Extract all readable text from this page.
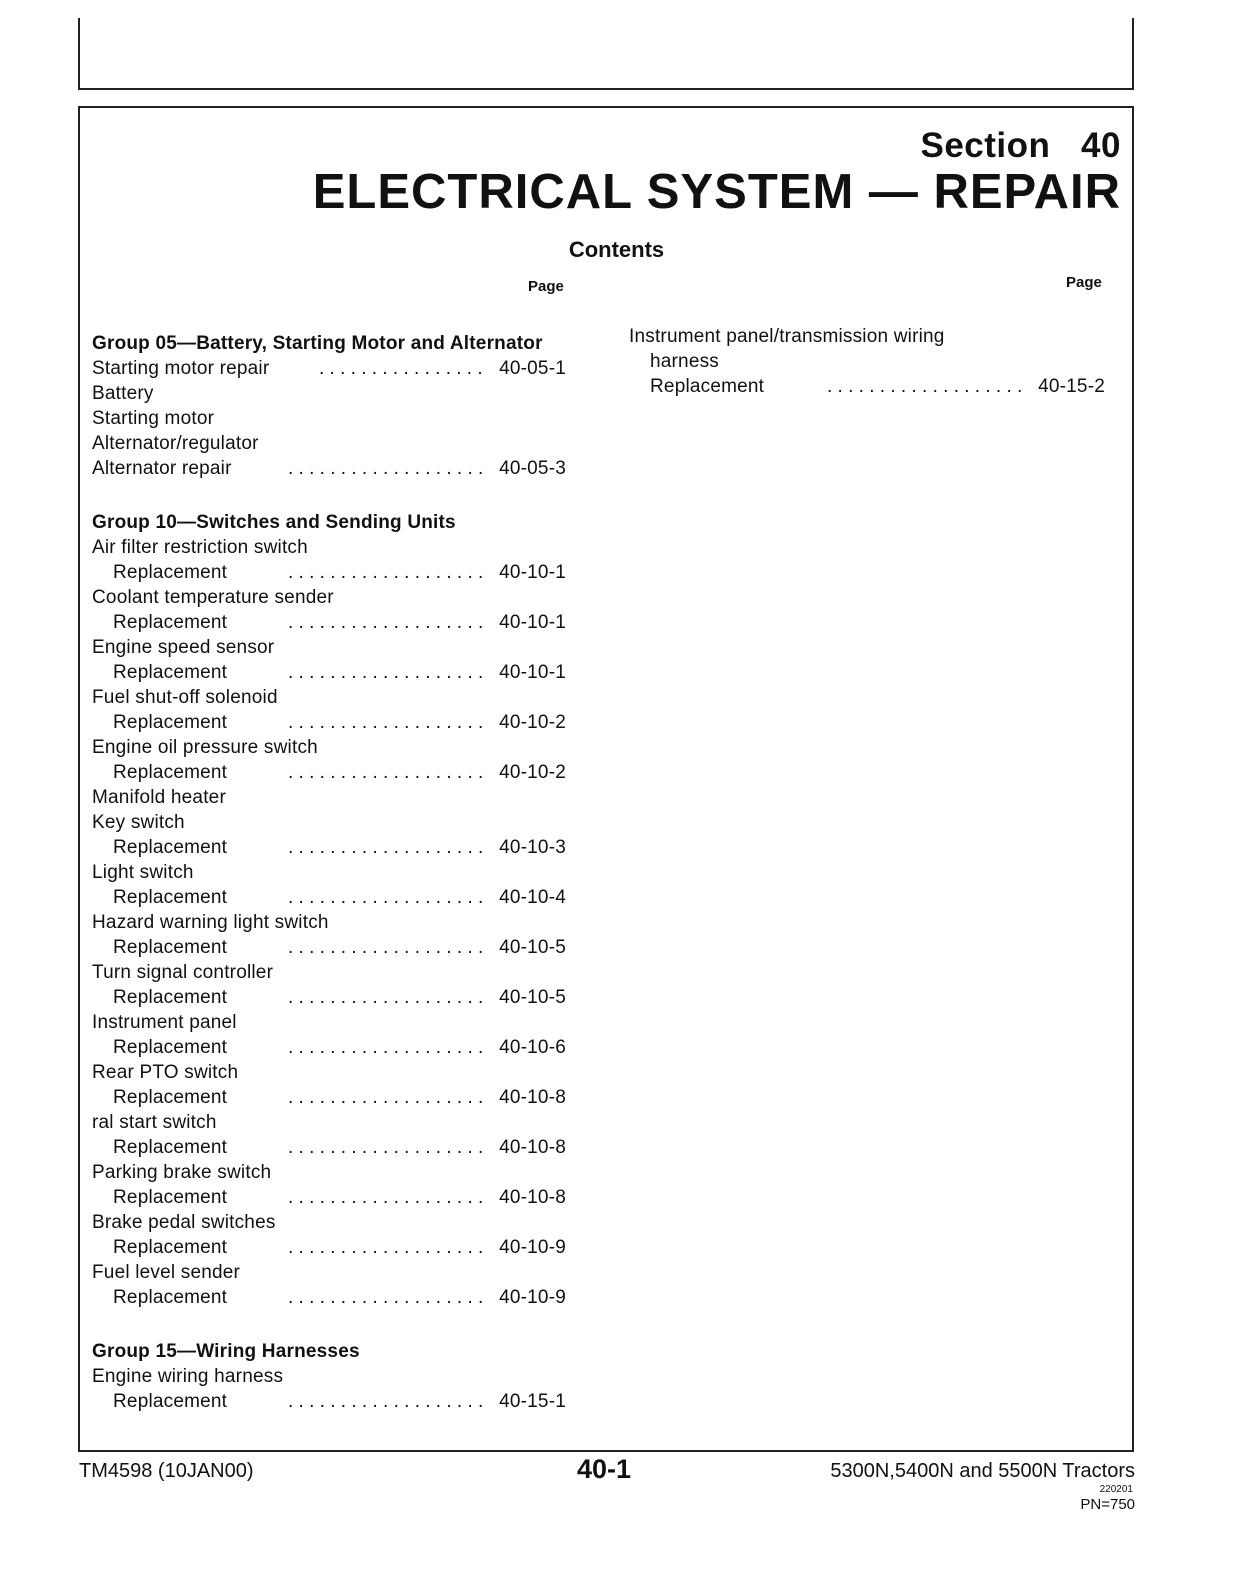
Section   40
ELECTRICAL SYSTEM — REPAIR
Contents
Page	Page
Group 05—Battery, Starting Motor and Alternator
Starting motor repair	. . . . . . . . . . . . . . . . 40-05-1
Battery
Starting motor
Alternator/regulator
Alternator repair	. . . . . . . . . . . . . . . . . . . 40-05-3
Group 10—Switches and Sending Units
Air filter restriction switch
Replacement	. . . . . . . . . . . . . . . . . . . 40-10-1
Coolant temperature sender
Replacement	. . . . . . . . . . . . . . . . . . . 40-10-1
Engine speed sensor
Replacement	. . . . . . . . . . . . . . . . . . . 40-10-1
Fuel shut-off solenoid
Replacement	. . . . . . . . . . . . . . . . . . . 40-10-2
Engine oil pressure switch
Replacement	. . . . . . . . . . . . . . . . . . . 40-10-2
Manifold heater
Key switch
Replacement	. . . . . . . . . . . . . . . . . . . 40-10-3
Light switch
Replacement	. . . . . . . . . . . . . . . . . . . 40-10-4
Hazard warning light switch
Replacement	. . . . . . . . . . . . . . . . . . . 40-10-5
Turn signal controller
Replacement	. . . . . . . . . . . . . . . . . . . 40-10-5
Instrument panel
Replacement	. . . . . . . . . . . . . . . . . . . 40-10-6
Rear PTO switch
Replacement	. . . . . . . . . . . . . . . . . . . 40-10-8
ral start switch
Replacement	. . . . . . . . . . . . . . . . . . . 40-10-8
Parking brake switch
Replacement	. . . . . . . . . . . . . . . . . . . 40-10-8
Brake pedal switches
Replacement	. . . . . . . . . . . . . . . . . . . 40-10-9
Fuel level sender
Replacement	. . . . . . . . . . . . . . . . . . . 40-10-9
Group 15—Wiring Harnesses
Engine wiring harness
Replacement	. . . . . . . . . . . . . . . . . . . 40-15-1
Instrument panel/transmission wiring
harness
Replacement	. . . . . . . . . . . . . . . . . . . 40-15-2
TM4598 (10JAN00)	40-1	5300N,5400N and 5500N Tractors
220201
PN=750
